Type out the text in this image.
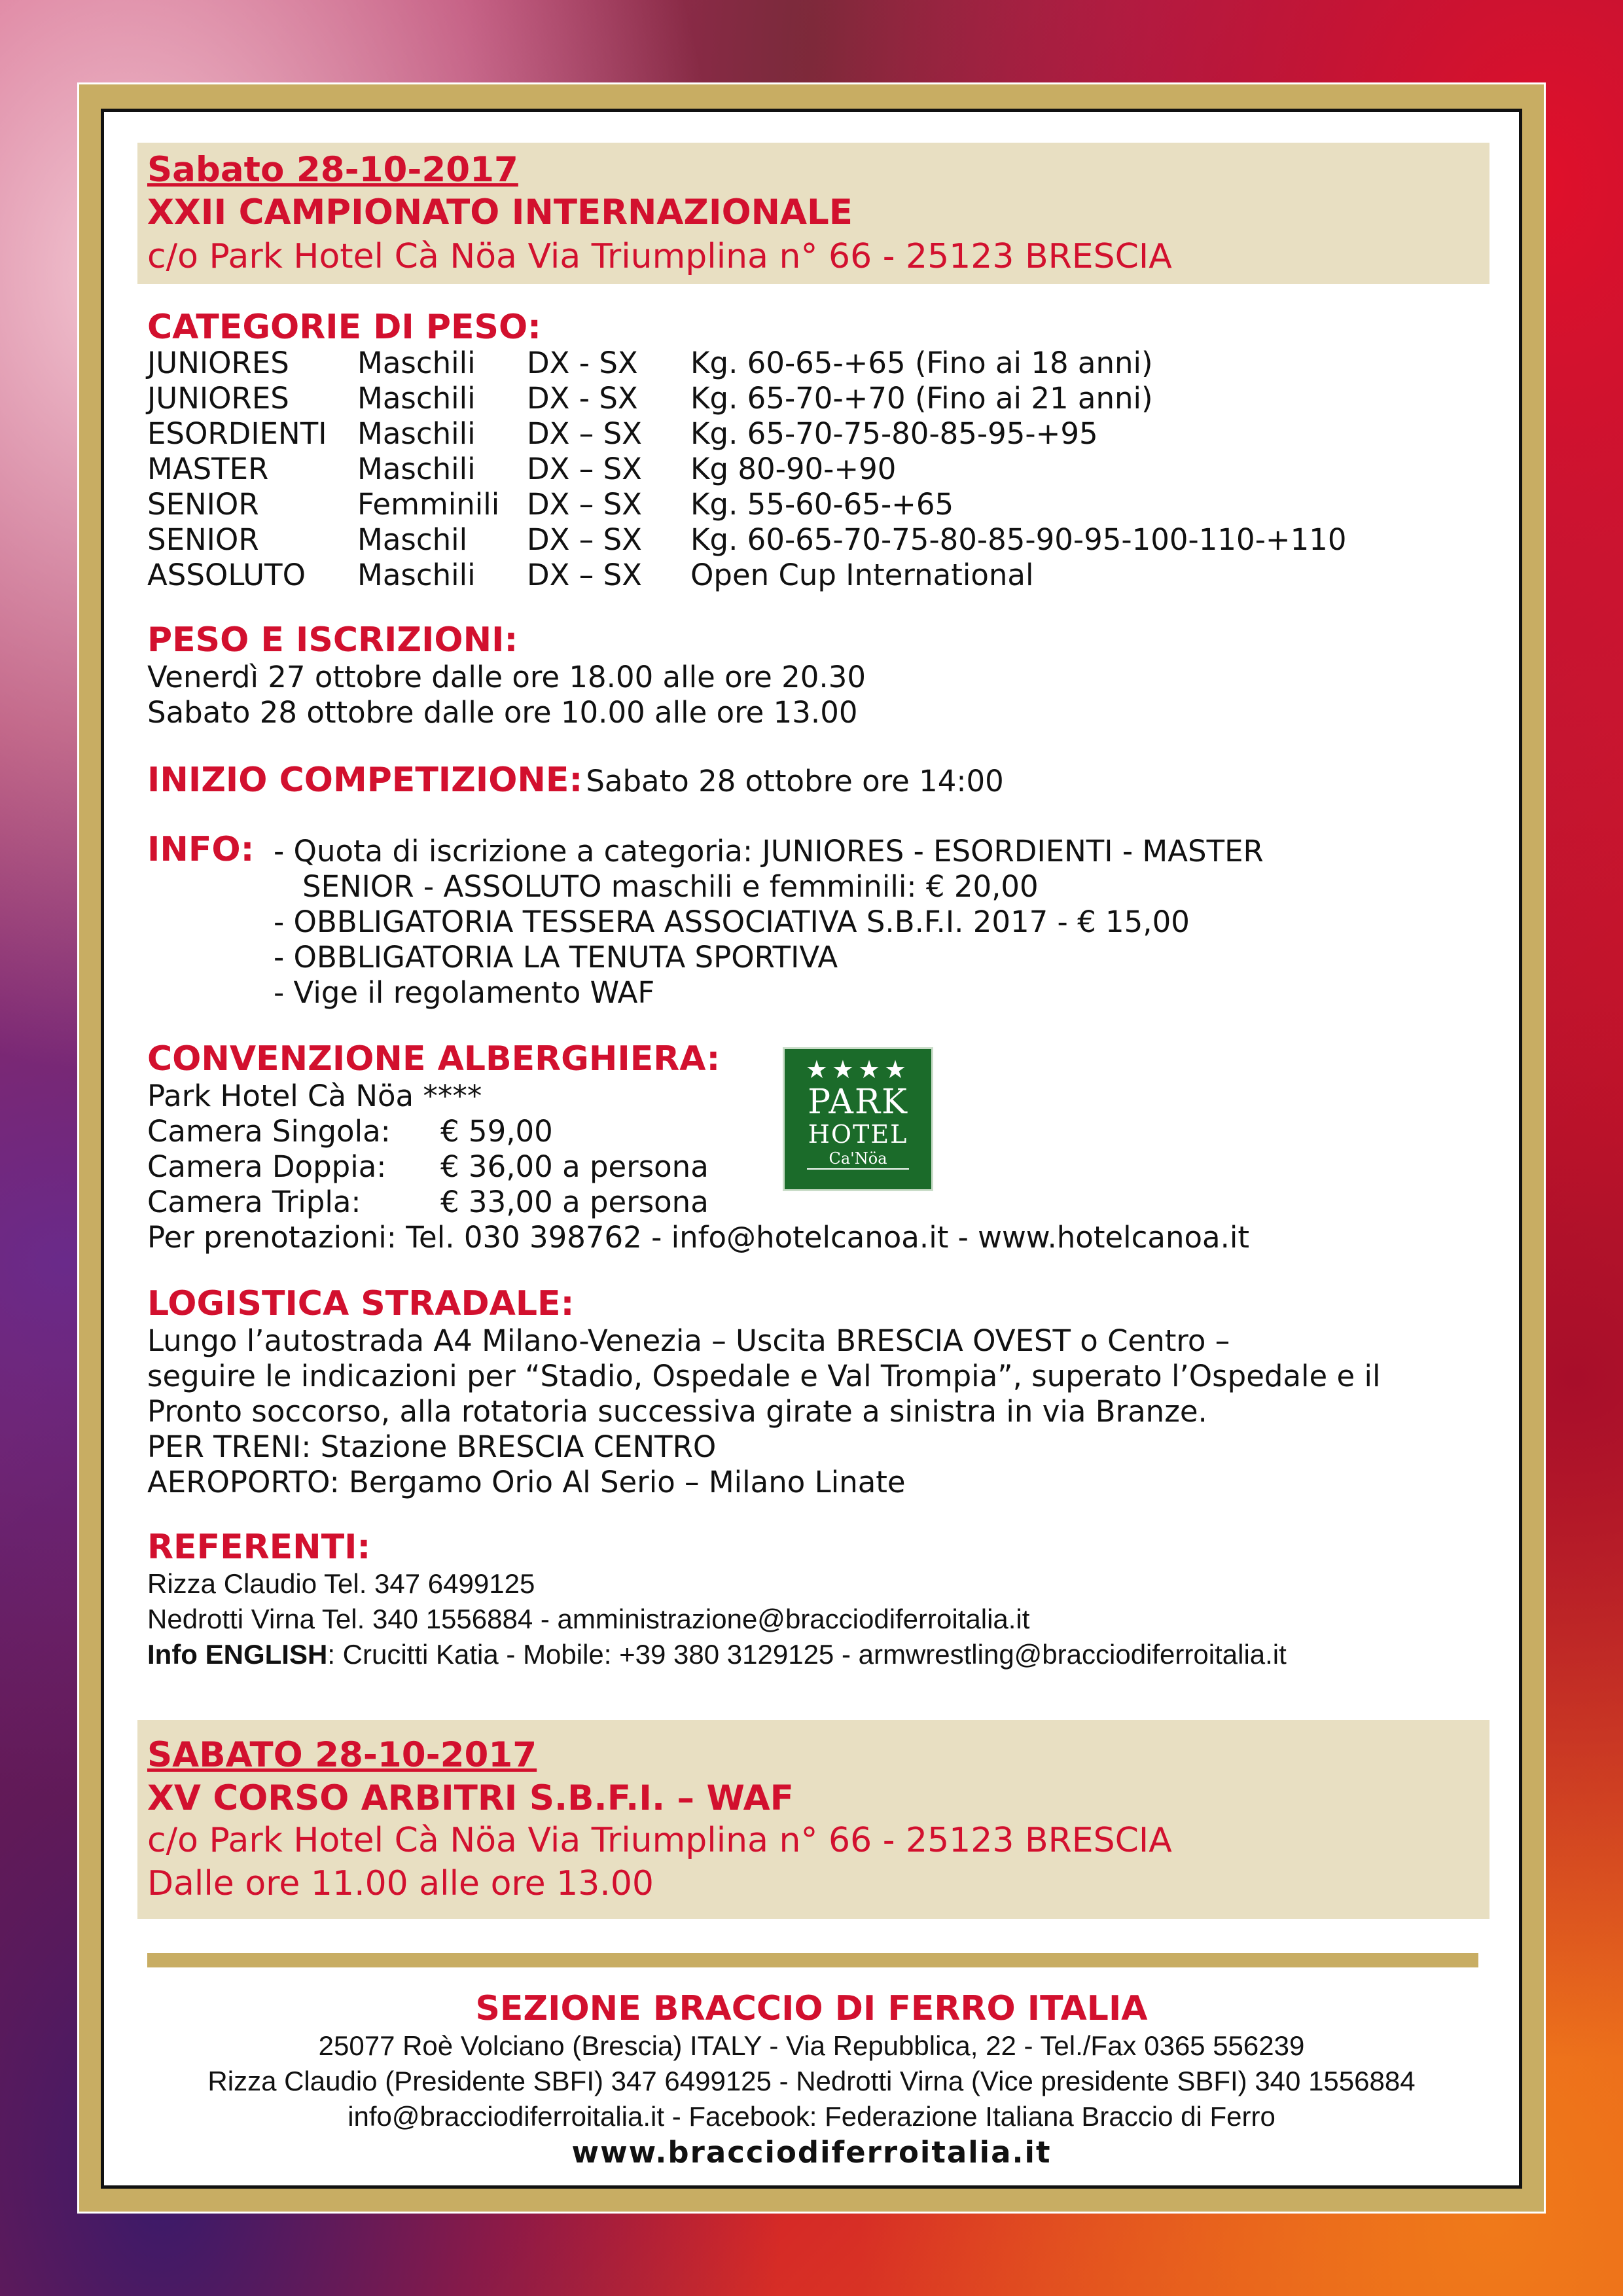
Sabato 28-10-2017
XXII CAMPIONATO INTERNAZIONALE
c/o Park Hotel Cà Nöa Via Triumplina n° 66 - 25123 BRESCIA
CATEGORIE DI PESO:
JUNIORES Maschili DX - SX Kg. 60-65-+65 (Fino ai 18 anni)
JUNIORES Maschili DX - SX Kg. 65-70-+70 (Fino ai 21 anni)
ESORDIENTI Maschili DX – SX Kg. 65-70-75-80-85-95-+95
MASTER	Maschili DX – SX Kg 80-90-+90
SENIOR	Femminili DX – SX Kg. 55-60-65-+65
SENIOR	Maschil DX – SX Kg. 60-65-70-75-80-85-90-95-100-110-+110
ASSOLUTO Maschili DX – SX Open Cup International
PESO E ISCRIZIONI:
Venerdì 27 ottobre dalle ore 18.00 alle ore 20.30
Sabato 28 ottobre dalle ore 10.00 alle ore 13.00
INIZIO COMPETIZIONE: Sabato 28 ottobre ore 14:00
INFO: - Quota di iscrizione a categoria: JUNIORES - ESORDIENTI - MASTER
SENIOR - ASSOLUTO maschili e femminili: € 20,00
- OBBLIGATORIA TESSERA ASSOCIATIVA S.B.F.I. 2017 - € 15,00
- OBBLIGATORIA LA TENUTA SPORTIVA
- Vige il regolamento WAF
CONVENZIONE ALBERGHIERA:
Park Hotel Cà Nöa ****
Camera Singola: € 59,00
Camera Doppia: € 36,00 a persona
Camera Tripla:	€ 33,00 a persona
Per prenotazioni: Tel. 030 398762 - info@hotelcanoa.it - www.hotelcanoa.it
★★★★
PARK
HOTEL
Ca'Nöa
LOGISTICA STRADALE:
Lungo l’autostrada A4 Milano-Venezia – Uscita BRESCIA OVEST o Centro –
seguire le indicazioni per “Stadio, Ospedale e Val Trompia”, superato l’Ospedale e il
Pronto soccorso, alla rotatoria successiva girate a sinistra in via Branze.
PER TRENI: Stazione BRESCIA CENTRO
AEROPORTO: Bergamo Orio Al Serio – Milano Linate
REFERENTI:
Rizza Claudio Tel. 347 6499125
Nedrotti Virna Tel. 340 1556884 - amministrazione@bracciodiferroitalia.it
Info ENGLISH: Crucitti Katia - Mobile: +39 380 3129125 - armwrestling@bracciodiferroitalia.it
SABATO 28-10-2017
XV CORSO ARBITRI S.B.F.I. – WAF
c/o Park Hotel Cà Nöa Via Triumplina n° 66 - 25123 BRESCIA
Dalle ore 11.00 alle ore 13.00
SEZIONE BRACCIO DI FERRO ITALIA
25077 Roè Volciano (Brescia) ITALY - Via Repubblica, 22 - Tel./Fax 0365 556239
Rizza Claudio (Presidente SBFI) 347 6499125 - Nedrotti Virna (Vice presidente SBFI) 340 1556884
info@bracciodiferroitalia.it - Facebook: Federazione Italiana Braccio di Ferro
www.bracciodiferroitalia.it
